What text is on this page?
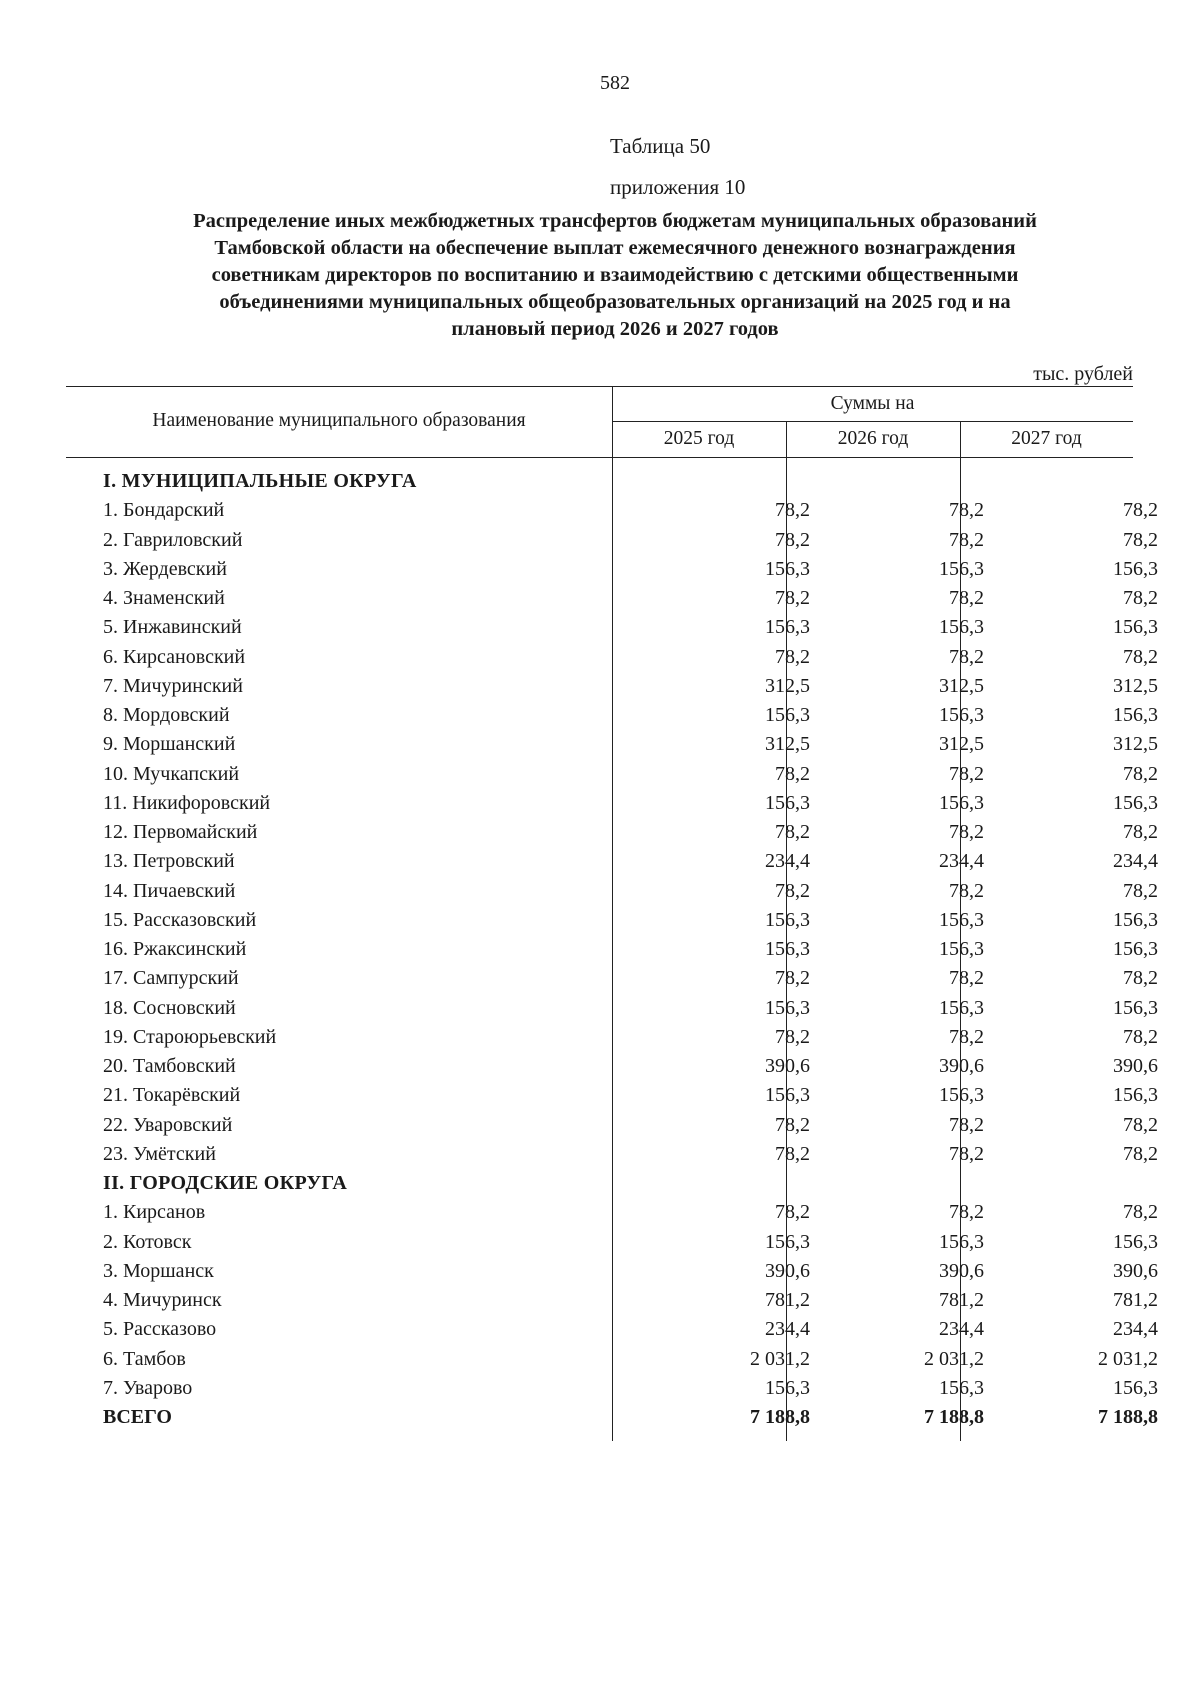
582
Таблица 50
приложения 10
Распределение иных межбюджетных трансфертов бюджетам муниципальных образований
Тамбовской области на обеспечение выплат ежемесячного денежного вознаграждения
советникам директоров по воспитанию и взаимодействию с детскими общественными
объединениями муниципальных общеобразовательных организаций на 2025 год и на
плановый период 2026 и 2027 годов
тыс. рублей
Наименование муниципального образования
Суммы на
2025 год	2026 год	2027 год
I. МУНИЦИПАЛЬНЫЕ ОКРУГА
1. Бондарский	78,2	78,2	78,2
2. Гавриловский	78,2	78,2	78,2
3. Жердевский	156,3	156,3	156,3
4. Знаменский	78,2	78,2	78,2
5. Инжавинский	156,3	156,3	156,3
6. Кирсановский	78,2	78,2	78,2
7. Мичуринский	312,5	312,5	312,5
8. Мордовский	156,3	156,3	156,3
9. Моршанский	312,5	312,5	312,5
10. Мучкапский	78,2	78,2	78,2
11. Никифоровский	156,3	156,3	156,3
12. Первомайский	78,2	78,2	78,2
13. Петровский	234,4	234,4	234,4
14. Пичаевский	78,2	78,2	78,2
15. Рассказовский	156,3	156,3	156,3
16. Ржаксинский	156,3	156,3	156,3
17. Сампурский	78,2	78,2	78,2
18. Сосновский	156,3	156,3	156,3
19. Староюрьевский	78,2	78,2	78,2
20. Тамбовский	390,6	390,6	390,6
21. Токарёвский	156,3	156,3	156,3
22. Уваровский	78,2	78,2	78,2
23. Умётский	78,2	78,2	78,2
II. ГОРОДСКИЕ ОКРУГА
1. Кирсанов	78,2	78,2	78,2
2. Котовск	156,3	156,3	156,3
3. Моршанск	390,6	390,6	390,6
4. Мичуринск	781,2	781,2	781,2
5. Рассказово	234,4	234,4	234,4
6. Тамбов	2 031,2	2 031,2	2 031,2
7. Уварово	156,3	156,3	156,3
ВСЕГО	7 188,8	7 188,8	7 188,8
